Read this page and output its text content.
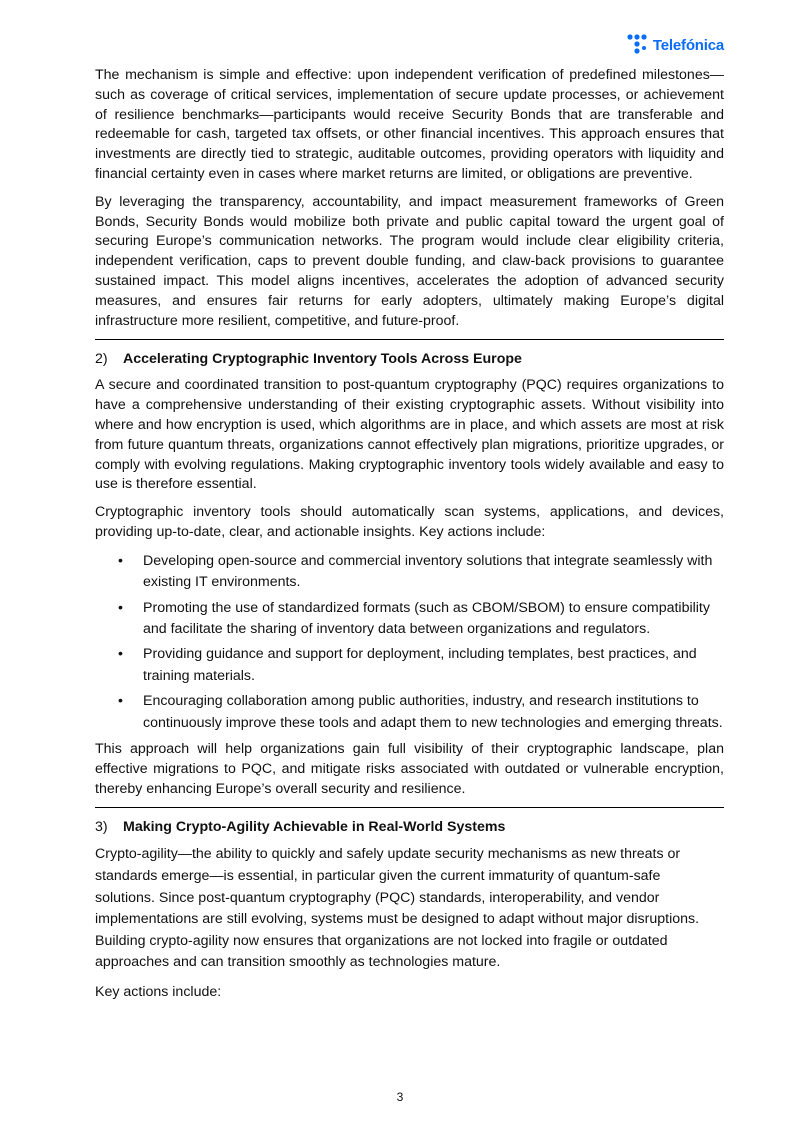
Telefónica

The mechanism is simple and effective: upon independent verification of predefined milestones—such as coverage of critical services, implementation of secure update processes, or achievement of resilience benchmarks—participants would receive Security Bonds that are transferable and redeemable for cash, targeted tax offsets, or other financial incentives. This approach ensures that investments are directly tied to strategic, auditable outcomes, providing operators with liquidity and financial certainty even in cases where market returns are limited, or obligations are preventive.

By leveraging the transparency, accountability, and impact measurement frameworks of Green Bonds, Security Bonds would mobilize both private and public capital toward the urgent goal of securing Europe’s communication networks. The program would include clear eligibility criteria, independent verification, caps to prevent double funding, and claw-back provisions to guarantee sustained impact. This model aligns incentives, accelerates the adoption of advanced security measures, and ensures fair returns for early adopters, ultimately making Europe’s digital infrastructure more resilient, competitive, and future-proof.

2) Accelerating Cryptographic Inventory Tools Across Europe

A secure and coordinated transition to post-quantum cryptography (PQC) requires organizations to have a comprehensive understanding of their existing cryptographic assets. Without visibility into where and how encryption is used, which algorithms are in place, and which assets are most at risk from future quantum threats, organizations cannot effectively plan migrations, prioritize upgrades, or comply with evolving regulations. Making cryptographic inventory tools widely available and easy to use is therefore essential.

Cryptographic inventory tools should automatically scan systems, applications, and devices, providing up-to-date, clear, and actionable insights. Key actions include:

• Developing open-source and commercial inventory solutions that integrate seamlessly with existing IT environments.
• Promoting the use of standardized formats (such as CBOM/SBOM) to ensure compatibility and facilitate the sharing of inventory data between organizations and regulators.
• Providing guidance and support for deployment, including templates, best practices, and training materials.
• Encouraging collaboration among public authorities, industry, and research institutions to continuously improve these tools and adapt them to new technologies and emerging threats.

This approach will help organizations gain full visibility of their cryptographic landscape, plan effective migrations to PQC, and mitigate risks associated with outdated or vulnerable encryption, thereby enhancing Europe’s overall security and resilience.

3) Making Crypto-Agility Achievable in Real-World Systems

Crypto-agility—the ability to quickly and safely update security mechanisms as new threats or standards emerge—is essential, in particular given the current immaturity of quantum-safe solutions. Since post-quantum cryptography (PQC) standards, interoperability, and vendor implementations are still evolving, systems must be designed to adapt without major disruptions. Building crypto-agility now ensures that organizations are not locked into fragile or outdated approaches and can transition smoothly as technologies mature.

Key actions include:

3
